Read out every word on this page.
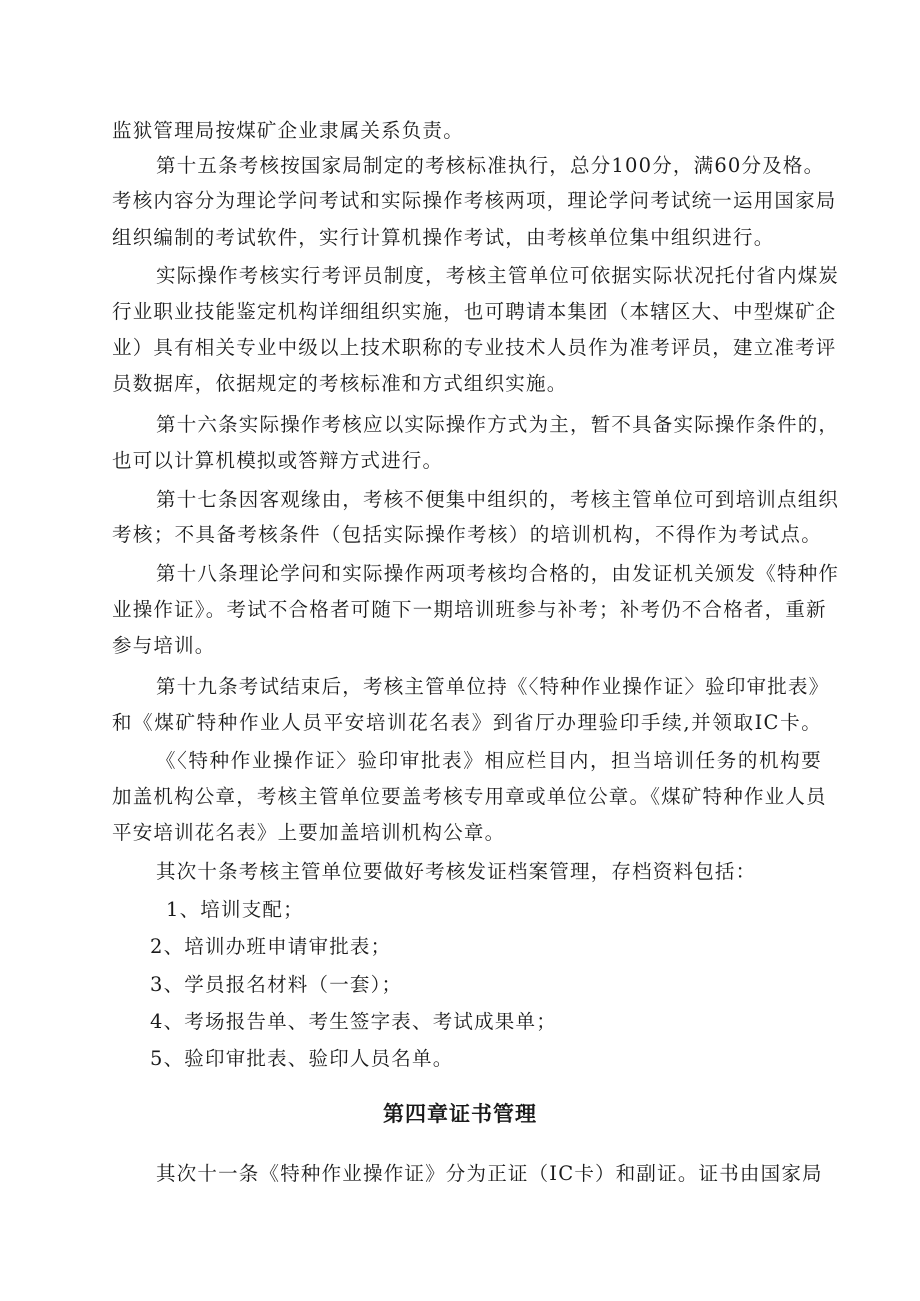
监狱管理局按煤矿企业隶属关系负责。
第十五条考核按国家局制定的考核标准执行，总分100分，满60分及格。
考核内容分为理论学问考试和实际操作考核两项，理论学问考试统一运用国家局
组织编制的考试软件，实行计算机操作考试，由考核单位集中组织进行。
实际操作考核实行考评员制度，考核主管单位可依据实际状况托付省内煤炭
行业职业技能鉴定机构详细组织实施，也可聘请本集团（本辖区大、中型煤矿企
业）具有相关专业中级以上技术职称的专业技术人员作为准考评员，建立准考评
员数据库，依据规定的考核标准和方式组织实施。
第十六条实际操作考核应以实际操作方式为主，暂不具备实际操作条件的，
也可以计算机模拟或答辩方式进行。
第十七条因客观缘由，考核不便集中组织的，考核主管单位可到培训点组织
考核；不具备考核条件（包括实际操作考核）的培训机构，不得作为考试点。
第十八条理论学问和实际操作两项考核均合格的，由发证机关颁发《特种作
业操作证》。考试不合格者可随下一期培训班参与补考；补考仍不合格者，重新
参与培训。
第十九条考试结束后，考核主管单位持《〈特种作业操作证〉验印审批表》
和《煤矿特种作业人员平安培训花名表》到省厅办理验印手续,并领取IC卡。
《〈特种作业操作证〉验印审批表》相应栏目内，担当培训任务的机构要
加盖机构公章，考核主管单位要盖考核专用章或单位公章。《煤矿特种作业人员
平安培训花名表》上要加盖培训机构公章。
其次十条考核主管单位要做好考核发证档案管理，存档资料包括：
1、培训支配；
2、培训办班申请审批表；
3、学员报名材料（一套）；
4、考场报告单、考生签字表、考试成果单；
5、验印审批表、验印人员名单。
第四章证书管理
其次十一条《特种作业操作证》分为正证（IC卡）和副证。证书由国家局
